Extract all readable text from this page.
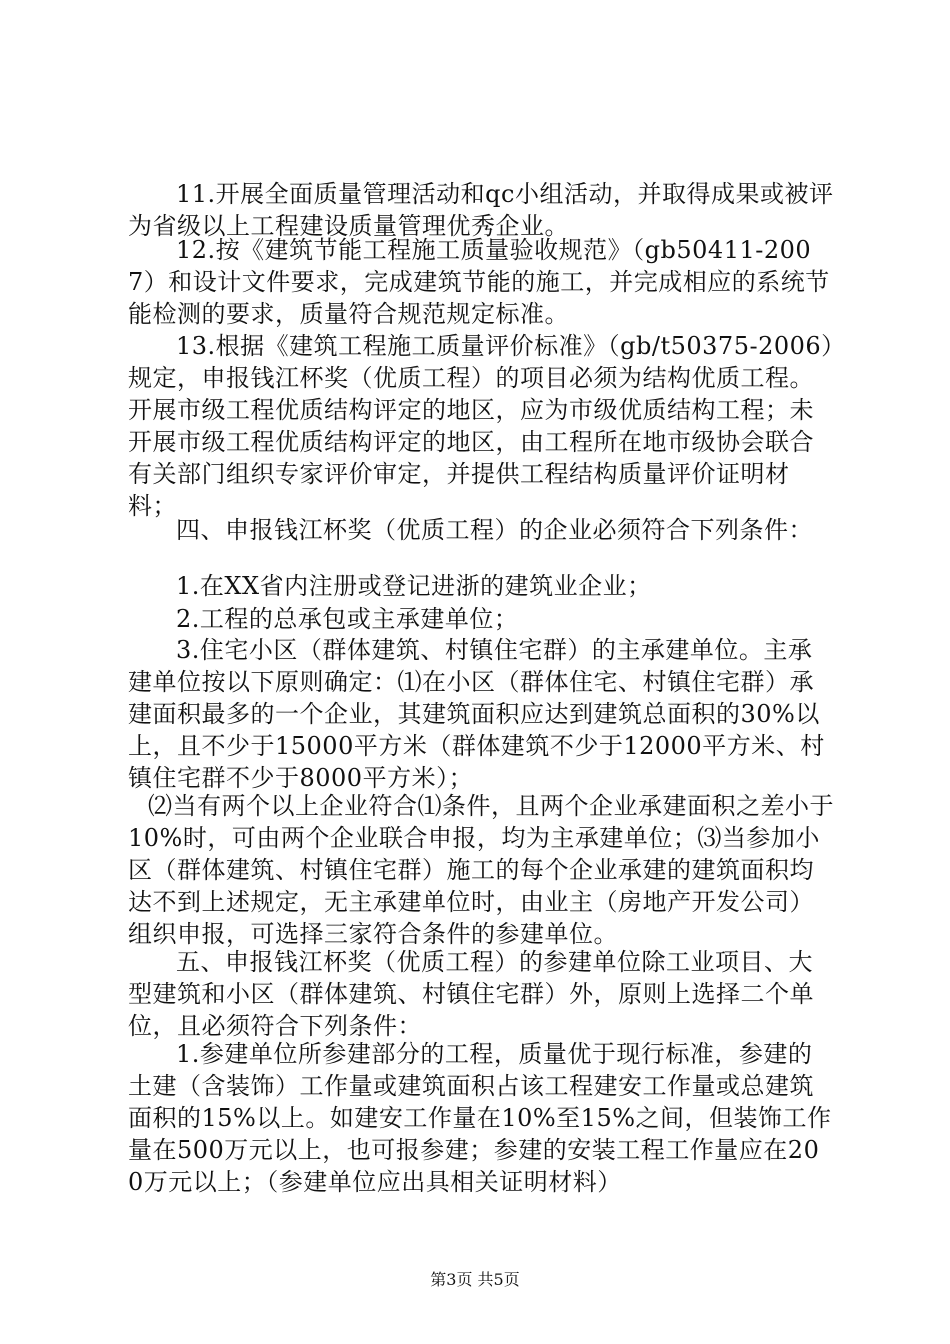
11.开展全面质量管理活动和qc小组活动，并取得成果或被评为省级以上工程建设质量管理优秀企业。

12.按《建筑节能工程施工质量验收规范》（gb50411-2007）和设计文件要求，完成建筑节能的施工，并完成相应的系统节能检测的要求，质量符合规范规定标准。

13.根据《建筑工程施工质量评价标准》（gb/t50375-2006）规定，申报钱江杯奖（优质工程）的项目必须为结构优质工程。开展市级工程优质结构评定的地区，应为市级优质结构工程；未开展市级工程优质结构评定的地区，由工程所在地市级协会联合有关部门组织专家评价审定，并提供工程结构质量评价证明材料；

四、申报钱江杯奖（优质工程）的企业必须符合下列条件：

1.在XX省内注册或登记进浙的建筑业企业；

2.工程的总承包或主承建单位；

3.住宅小区（群体建筑、村镇住宅群）的主承建单位。主承建单位按以下原则确定：⑴在小区（群体住宅、村镇住宅群）承建面积最多的一个企业，其建筑面积应达到建筑总面积的30%以上，且不少于15000平方米（群体建筑不少于12000平方米、村镇住宅群不少于8000平方米）；

⑵当有两个以上企业符合⑴条件，且两个企业承建面积之差小于10%时，可由两个企业联合申报，均为主承建单位；⑶当参加小区（群体建筑、村镇住宅群）施工的每个企业承建的建筑面积均达不到上述规定，无主承建单位时，由业主（房地产开发公司）组织申报，可选择三家符合条件的参建单位。

五、申报钱江杯奖（优质工程）的参建单位除工业项目、大型建筑和小区（群体建筑、村镇住宅群）外，原则上选择二个单位，且必须符合下列条件：

1.参建单位所参建部分的工程，质量优于现行标准，参建的土建（含装饰）工作量或建筑面积占该工程建安工作量或总建筑面积的15%以上。如建安工作量在10%至15%之间，但装饰工作量在500万元以上，也可报参建；参建的安装工程工作量应在200万元以上；（参建单位应出具相关证明材料）

第3页 共5页
